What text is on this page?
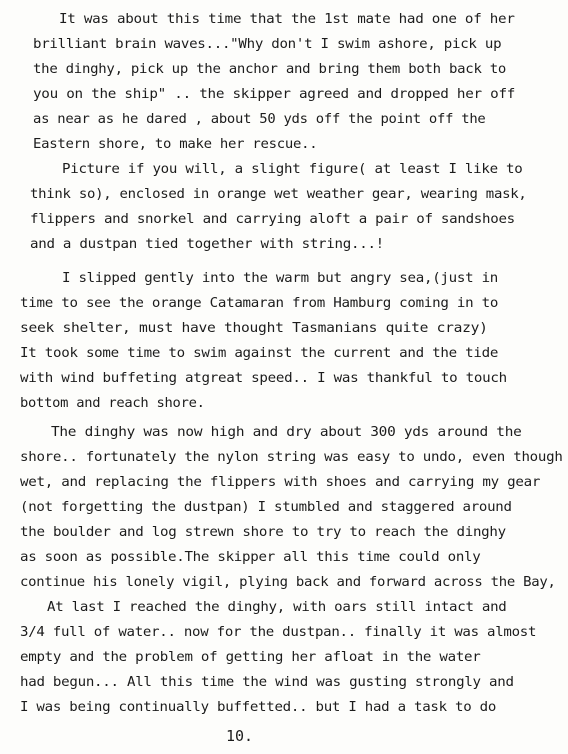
It was about this time that the 1st mate had one of her
brilliant brain waves..."Why don't I swim ashore, pick up
the dinghy, pick up the anchor and bring them both back to
you on the ship" .. the skipper agreed and dropped her off
as near as he dared , about 50 yds off the point off the
Eastern shore, to make her rescue..
Picture if you will, a slight figure( at least I like to
think so), enclosed in orange wet weather gear, wearing mask,
flippers and snorkel and carrying aloft a pair of sandshoes
and a dustpan tied together with string...!
I slipped gently into the warm but angry sea,(just in
time to see the orange Catamaran from Hamburg coming in to
seek shelter, must have thought Tasmanians quite crazy)
It took some time to swim against the current and the tide
with wind buffeting atgreat speed.. I was thankful to touch
bottom and reach shore.
The dinghy was now high and dry about 300 yds around the
shore.. fortunately the nylon string was easy to undo, even though
wet, and replacing the flippers with shoes and carrying my gear
(not forgetting the dustpan) I stumbled and staggered around
the boulder and log strewn shore to try to reach the dinghy
as soon as possible.The skipper all this time could only
continue his lonely vigil, plying back and forward across the Bay,
At last I reached the dinghy, with oars still intact and
3/4 full of water.. now for the dustpan.. finally it was almost
empty and the problem of getting her afloat in the water
had begun... All this time the wind was gusting strongly and
I was being continually buffetted.. but I had a task to do
10.
